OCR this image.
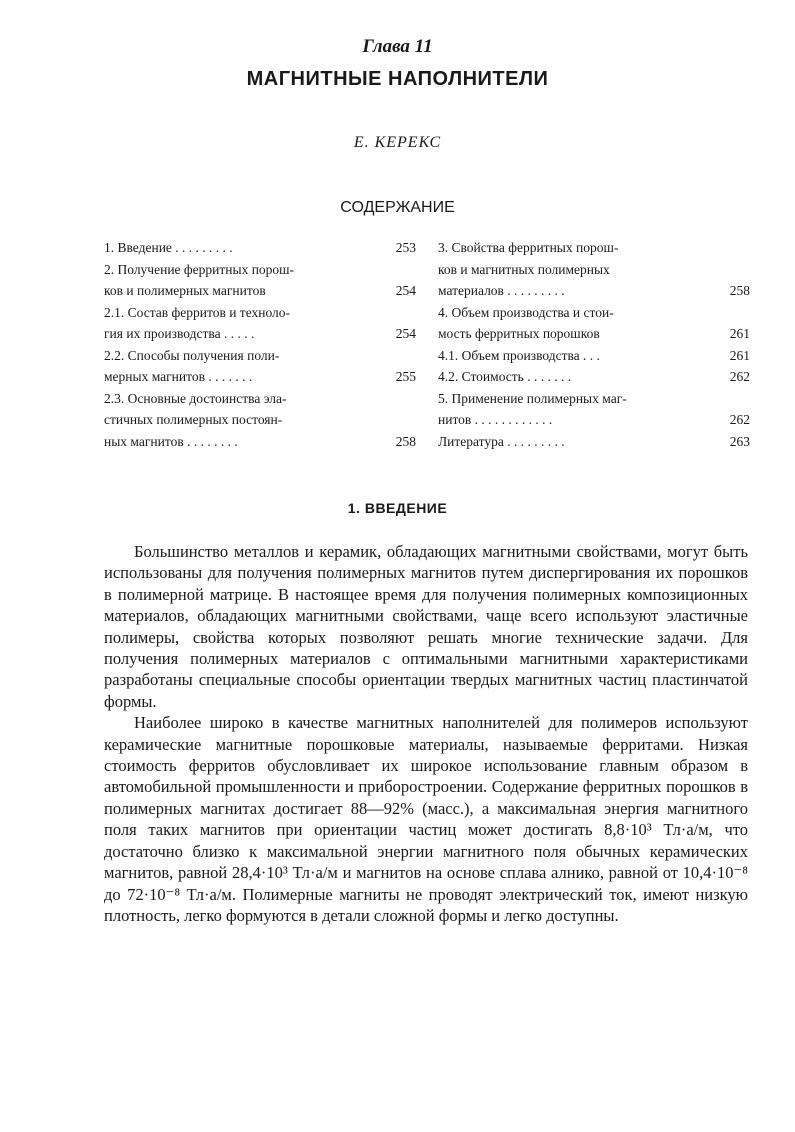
Глава 11
МАГНИТНЫЕ НАПОЛНИТЕЛИ
Е. КЕРЕКС
СОДЕРЖАНИЕ
1. Введение . . . . . . . . .	253
2. Получение ферритных порош-
ков и полимерных магнитов	254
2.1. Состав ферритов и техноло-
гия их производства . . . . .	254
2.2. Способы получения поли-
мерных магнитов . . . . . . .	255
2.3. Основные достоинства эла-
стичных полимерных постоян-
ных магнитов . . . . . . . .	258
3. Свойства ферритных порош-
ков и магнитных полимерных
материалов . . . . . . . . .	258
4. Объем производства и стои-
мость ферритных порошков	261
4.1. Объем производства . . .	261
4.2. Стоимость . . . . . . .	262
5. Применение полимерных маг-
нитов . . . . . . . . . . . .	262
Литература . . . . . . . . .	263
1. ВВЕДЕНИЕ

Большинство металлов и керамик, обладающих магнитными свойствами, могут быть использованы для получения полимерных магнитов путем диспергирования их порошков в полимерной матрице. В настоящее время для получения полимерных композиционных материалов, обладающих магнитными свойствами, чаще всего используют эластичные полимеры, свойства которых позволяют решать многие технические задачи. Для получения полимерных материалов с оптимальными магнитными характеристиками разработаны специальные способы ориентации твердых магнитных частиц пластинчатой формы.

Наиболее широко в качестве магнитных наполнителей для полимеров используют керамические магнитные порошковые материалы, называемые ферритами. Низкая стоимость ферритов обусловливает их широкое использование главным образом в автомобильной промышленности и приборостроении. Содержание ферритных порошков в полимерных магнитах достигает 88—92% (масс.), а максимальная энергия магнитного поля таких магнитов при ориентации частиц может достигать 8,8·10³ Тл·а/м, что достаточно близко к максимальной энергии магнитного поля обычных керамических магнитов, равной 28,4·10³ Тл·а/м и магнитов на основе сплава алнико, равной от 10,4·10⁻⁸ до 72·10⁻⁸ Тл·а/м. Полимерные магниты не проводят электрический ток, имеют низкую плотность, легко формуются в детали сложной формы и легко доступны.
